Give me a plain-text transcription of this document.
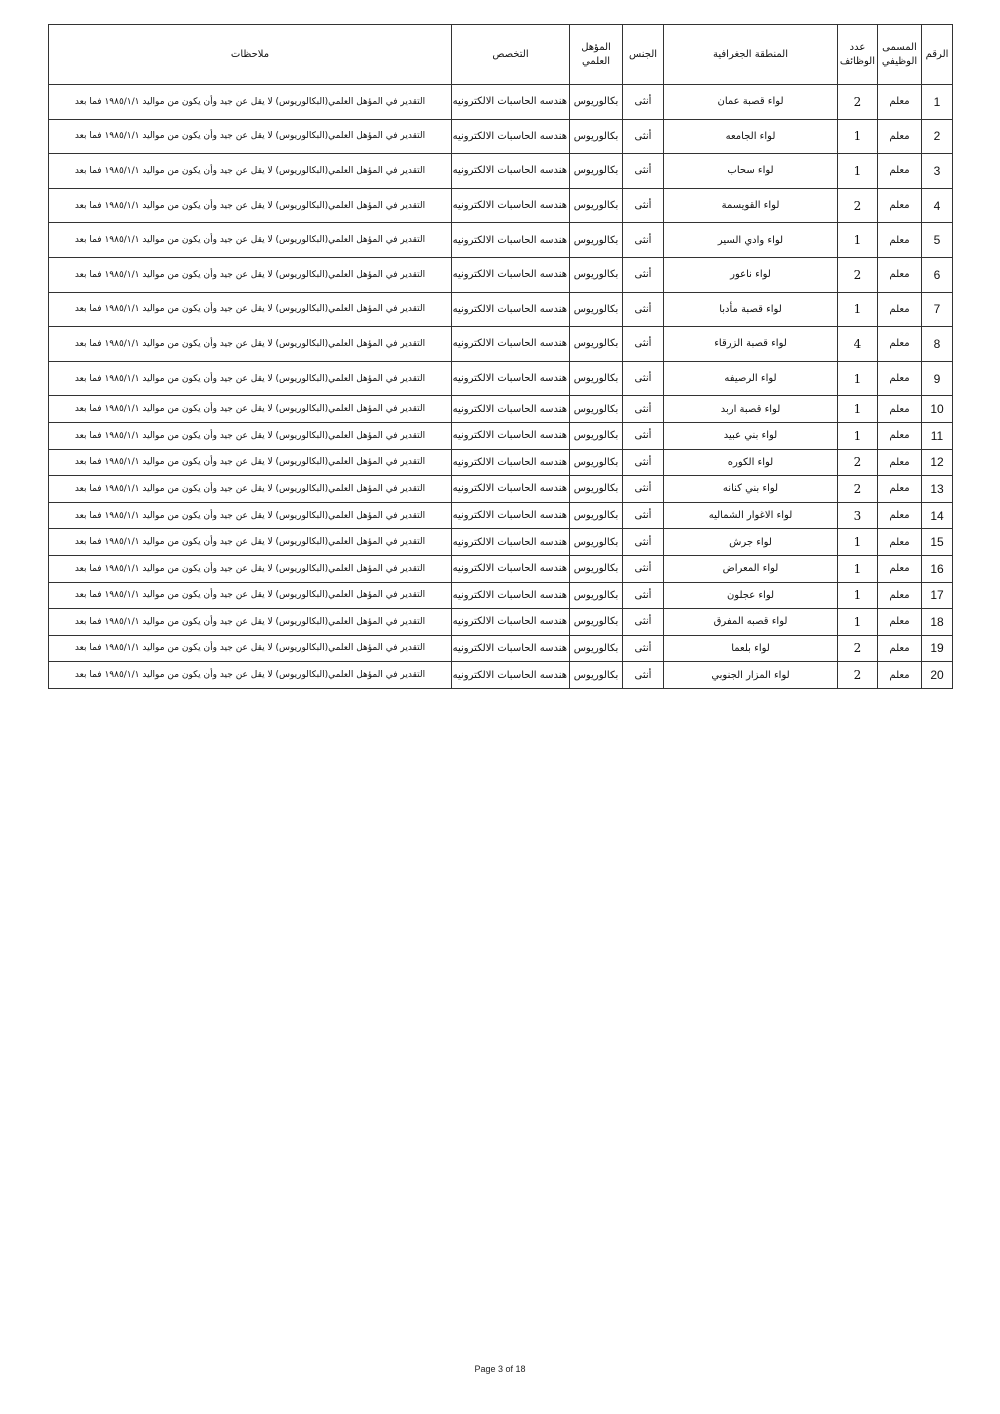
الرقم	المسمى الوظيفي	عدد الوظائف	المنطقة الجغرافية	الجنس	المؤهل العلمي	التخصص	ملاحظات
1	معلم	2	لواء قصبة عمان	أنثى	بكالوريوس	هندسه الحاسبات الالكترونيه	التقدير في المؤهل العلمي(البكالوريوس) لا يقل عن جيد وأن يكون من مواليد ١٩٨٥/١/١ فما بعد
2	معلم	1	لواء الجامعه	أنثى	بكالوريوس	هندسه الحاسبات الالكترونيه	التقدير في المؤهل العلمي(البكالوريوس) لا يقل عن جيد وأن يكون من مواليد ١٩٨٥/١/١ فما بعد
3	معلم	1	لواء سحاب	أنثى	بكالوريوس	هندسه الحاسبات الالكترونيه	التقدير في المؤهل العلمي(البكالوريوس) لا يقل عن جيد وأن يكون من مواليد ١٩٨٥/١/١ فما بعد
4	معلم	2	لواء القويسمة	أنثى	بكالوريوس	هندسه الحاسبات الالكترونيه	التقدير في المؤهل العلمي(البكالوريوس) لا يقل عن جيد وأن يكون من مواليد ١٩٨٥/١/١ فما بعد
5	معلم	1	لواء وادي السير	أنثى	بكالوريوس	هندسه الحاسبات الالكترونيه	التقدير في المؤهل العلمي(البكالوريوس) لا يقل عن جيد وأن يكون من مواليد ١٩٨٥/١/١ فما بعد
6	معلم	2	لواء ناعور	أنثى	بكالوريوس	هندسه الحاسبات الالكترونيه	التقدير في المؤهل العلمي(البكالوريوس) لا يقل عن جيد وأن يكون من مواليد ١٩٨٥/١/١ فما بعد
7	معلم	1	لواء قصبة مأدبا	أنثى	بكالوريوس	هندسه الحاسبات الالكترونيه	التقدير في المؤهل العلمي(البكالوريوس) لا يقل عن جيد وأن يكون من مواليد ١٩٨٥/١/١ فما بعد
8	معلم	4	لواء قصبة الزرقاء	أنثى	بكالوريوس	هندسه الحاسبات الالكترونيه	التقدير في المؤهل العلمي(البكالوريوس) لا يقل عن جيد وأن يكون من مواليد ١٩٨٥/١/١ فما بعد
9	معلم	1	لواء الرصيفه	أنثى	بكالوريوس	هندسه الحاسبات الالكترونيه	التقدير في المؤهل العلمي(البكالوريوس) لا يقل عن جيد وأن يكون من مواليد ١٩٨٥/١/١ فما بعد
10	معلم	1	لواء قصبة اربد	أنثى	بكالوريوس	هندسه الحاسبات الالكترونيه	التقدير في المؤهل العلمي(البكالوريوس) لا يقل عن جيد وأن يكون من مواليد ١٩٨٥/١/١ فما بعد
11	معلم	1	لواء بني عبيد	أنثى	بكالوريوس	هندسه الحاسبات الالكترونيه	التقدير في المؤهل العلمي(البكالوريوس) لا يقل عن جيد وأن يكون من مواليد ١٩٨٥/١/١ فما بعد
12	معلم	2	لواء الكوره	أنثى	بكالوريوس	هندسه الحاسبات الالكترونيه	التقدير في المؤهل العلمي(البكالوريوس) لا يقل عن جيد وأن يكون من مواليد ١٩٨٥/١/١ فما بعد
13	معلم	2	لواء بني كنانه	أنثى	بكالوريوس	هندسه الحاسبات الالكترونيه	التقدير في المؤهل العلمي(البكالوريوس) لا يقل عن جيد وأن يكون من مواليد ١٩٨٥/١/١ فما بعد
14	معلم	3	لواء الاغوار الشماليه	أنثى	بكالوريوس	هندسه الحاسبات الالكترونيه	التقدير في المؤهل العلمي(البكالوريوس) لا يقل عن جيد وأن يكون من مواليد ١٩٨٥/١/١ فما بعد
15	معلم	1	لواء جرش	أنثى	بكالوريوس	هندسه الحاسبات الالكترونيه	التقدير في المؤهل العلمي(البكالوريوس) لا يقل عن جيد وأن يكون من مواليد ١٩٨٥/١/١ فما بعد
16	معلم	1	لواء المعراض	أنثى	بكالوريوس	هندسه الحاسبات الالكترونيه	التقدير في المؤهل العلمي(البكالوريوس) لا يقل عن جيد وأن يكون من مواليد ١٩٨٥/١/١ فما بعد
17	معلم	1	لواء عجلون	أنثى	بكالوريوس	هندسه الحاسبات الالكترونيه	التقدير في المؤهل العلمي(البكالوريوس) لا يقل عن جيد وأن يكون من مواليد ١٩٨٥/١/١ فما بعد
18	معلم	1	لواء قصبه المفرق	أنثى	بكالوريوس	هندسه الحاسبات الالكترونيه	التقدير في المؤهل العلمي(البكالوريوس) لا يقل عن جيد وأن يكون من مواليد ١٩٨٥/١/١ فما بعد
19	معلم	2	لواء بلعما	أنثى	بكالوريوس	هندسه الحاسبات الالكترونيه	التقدير في المؤهل العلمي(البكالوريوس) لا يقل عن جيد وأن يكون من مواليد ١٩٨٥/١/١ فما بعد
20	معلم	2	لواء المزار الجنوبي	أنثى	بكالوريوس	هندسه الحاسبات الالكترونيه	التقدير في المؤهل العلمي(البكالوريوس) لا يقل عن جيد وأن يكون من مواليد ١٩٨٥/١/١ فما بعد
Page 3 of 18
